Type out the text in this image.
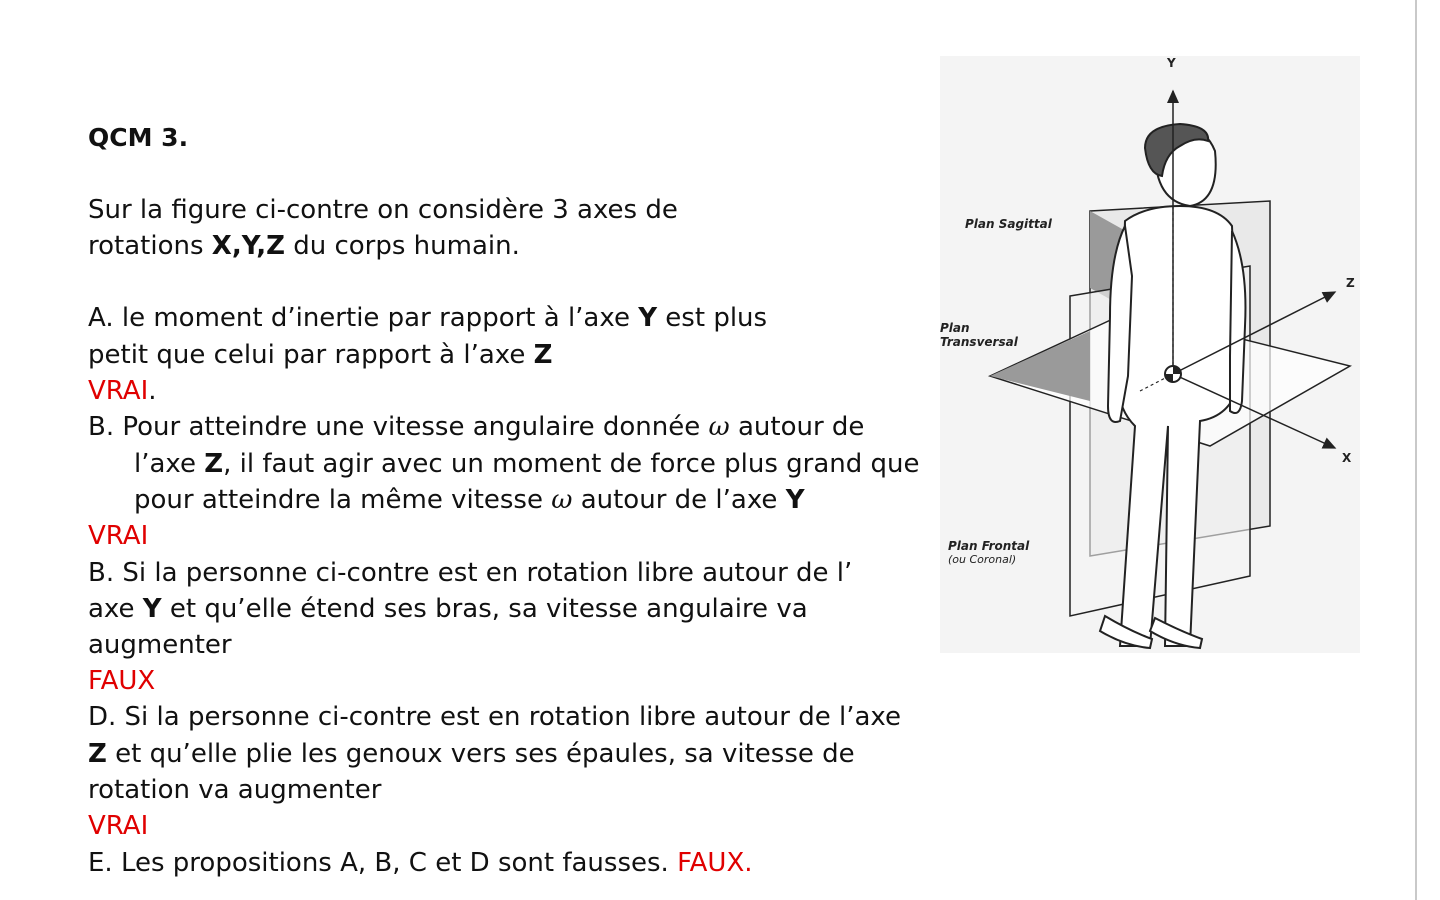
QCM 3.
Sur la figure ci-contre on considère 3 axes de
rotations X,Y,Z du corps humain.
A. le moment d’inertie par rapport à l’axe Y est plus
petit que celui par rapport à l’axe Z
VRAI.
B. Pour atteindre une vitesse angulaire donnée ω autour de
l’axe Z, il faut agir avec un moment de force plus grand que
pour atteindre la même vitesse ω autour de l’axe Y
VRAI
B. Si la personne ci-contre est en rotation libre autour de l’
axe Y et qu’elle étend ses bras, sa vitesse angulaire va
augmenter
FAUX
D. Si la personne ci-contre est en rotation libre autour de l’axe
Z et qu’elle plie les genoux vers ses épaules, sa vitesse de
rotation va augmenter
VRAI
E. Les propositions A, B, C et D sont fausses. FAUX.
Y
Z
X
Plan Sagittal
Plan
Transversal
Plan Frontal
(ou Coronal)
